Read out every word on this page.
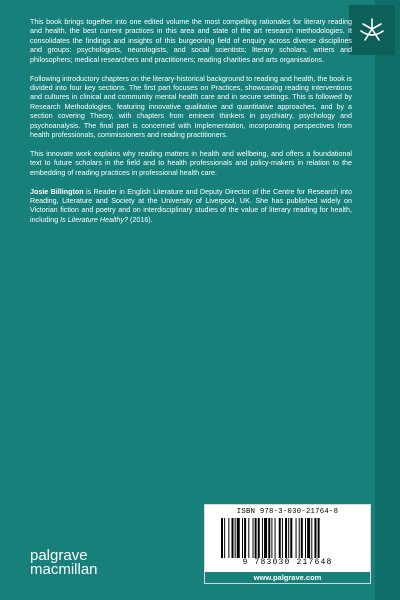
This book brings together into one edited volume the most compelling rationales for literary reading and health, the best current practices in this area and state of the art research methodologies. It consolidates the findings and insights of this burgeoning field of enquiry across diverse disciplines and groups: psychologists, neurologists, and social scientists; literary scholars, writers and philosophers; medical researchers and practitioners; reading charities and arts organisations.

Following introductory chapters on the literary-historical background to reading and health, the book is divided into four key sections. The first part focuses on Practices, showcasing reading interventions and cultures in clinical and community mental health care and in secure settings. This is followed by Research Methodologies, featuring innovative qualitative and quantitative approaches, and by a section covering Theory, with chapters from eminent thinkers in psychiatry, psychology and psychoanalysis. The final part is concerned with Implementation, incorporating perspectives from health professionals, commissioners and reading practitioners.

This innovate work explains why reading matters in health and wellbeing, and offers a foundational text to future scholars in the field and to health professionals and policy-makers in relation to the embedding of reading practices in professional health care.

Josie Billington is Reader in English Literature and Deputy Director of the Centre for Research into Reading, Literature and Society at the University of Liverpool, UK. She has published widely on Victorian fiction and poetry and on interdisciplinary studies of the value of literary reading for health, including Is Literature Healthy? (2016).

palgrave
macmillan
ISBN 978-3-030-21764-8
9 783030 217648
www.palgrave.com
